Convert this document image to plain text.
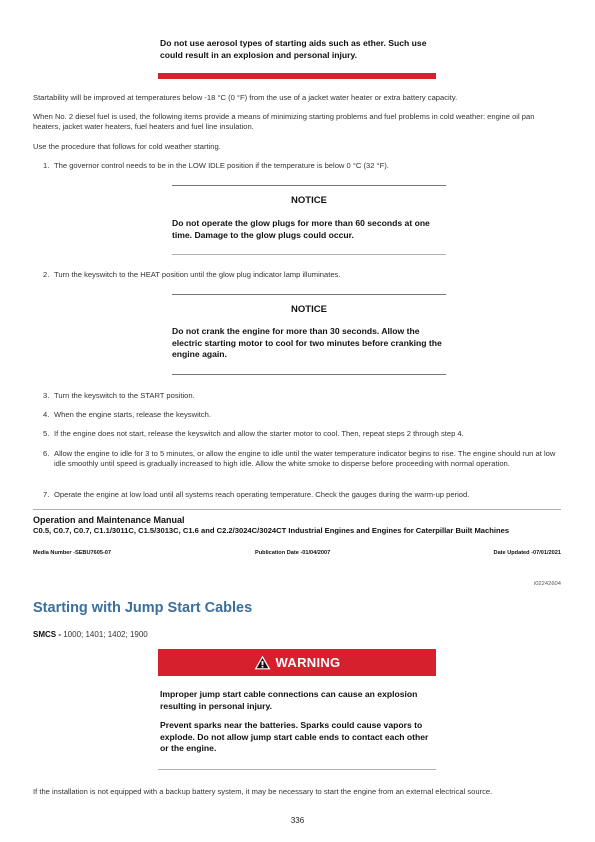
Do not use aerosol types of starting aids such as ether. Such use could result in an explosion and personal injury.
Startability will be improved at temperatures below -18 °C (0 °F) from the use of a jacket water heater or extra battery capacity.
When No. 2 diesel fuel is used, the following items provide a means of minimizing starting problems and fuel problems in cold weather: engine oil pan heaters, jacket water heaters, fuel heaters and fuel line insulation.
Use the procedure that follows for cold weather starting.
1. The governor control needs to be in the LOW IDLE position if the temperature is below 0 °C (32 °F).
NOTICE
Do not operate the glow plugs for more than 60 seconds at one time. Damage to the glow plugs could occur.
2. Turn the keyswitch to the HEAT position until the glow plug indicator lamp illuminates.
NOTICE
Do not crank the engine for more than 30 seconds. Allow the electric starting motor to cool for two minutes before cranking the engine again.
3. Turn the keyswitch to the START position.
4. When the engine starts, release the keyswitch.
5. If the engine does not start, release the keyswitch and allow the starter motor to cool. Then, repeat steps 2 through step 4.
6. Allow the engine to idle for 3 to 5 minutes, or allow the engine to idle until the water temperature indicator begins to rise. The engine should run at low idle smoothly until speed is gradually increased to high idle. Allow the white smoke to disperse before proceeding with normal operation.
7. Operate the engine at low load until all systems reach operating temperature. Check the gauges during the warm-up period.
Operation and Maintenance Manual
C0.5, C0.7, C0.7, C1.1/3011C, C1.5/3013C, C1.6 and C2.2/3024C/3024CT Industrial Engines and Engines for Caterpillar Built Machines
Media Number -SEBU7605-07	Publication Date -01/04/2007	Date Updated -07/01/2021
i02242604
Starting with Jump Start Cables
SMCS - 1000; 1401; 1402; 1900
WARNING
Improper jump start cable connections can cause an explosion resulting in personal injury.
Prevent sparks near the batteries. Sparks could cause vapors to explode. Do not allow jump start cable ends to contact each other or the engine.
If the installation is not equipped with a backup battery system, it may be necessary to start the engine from an external electrical source.
336
